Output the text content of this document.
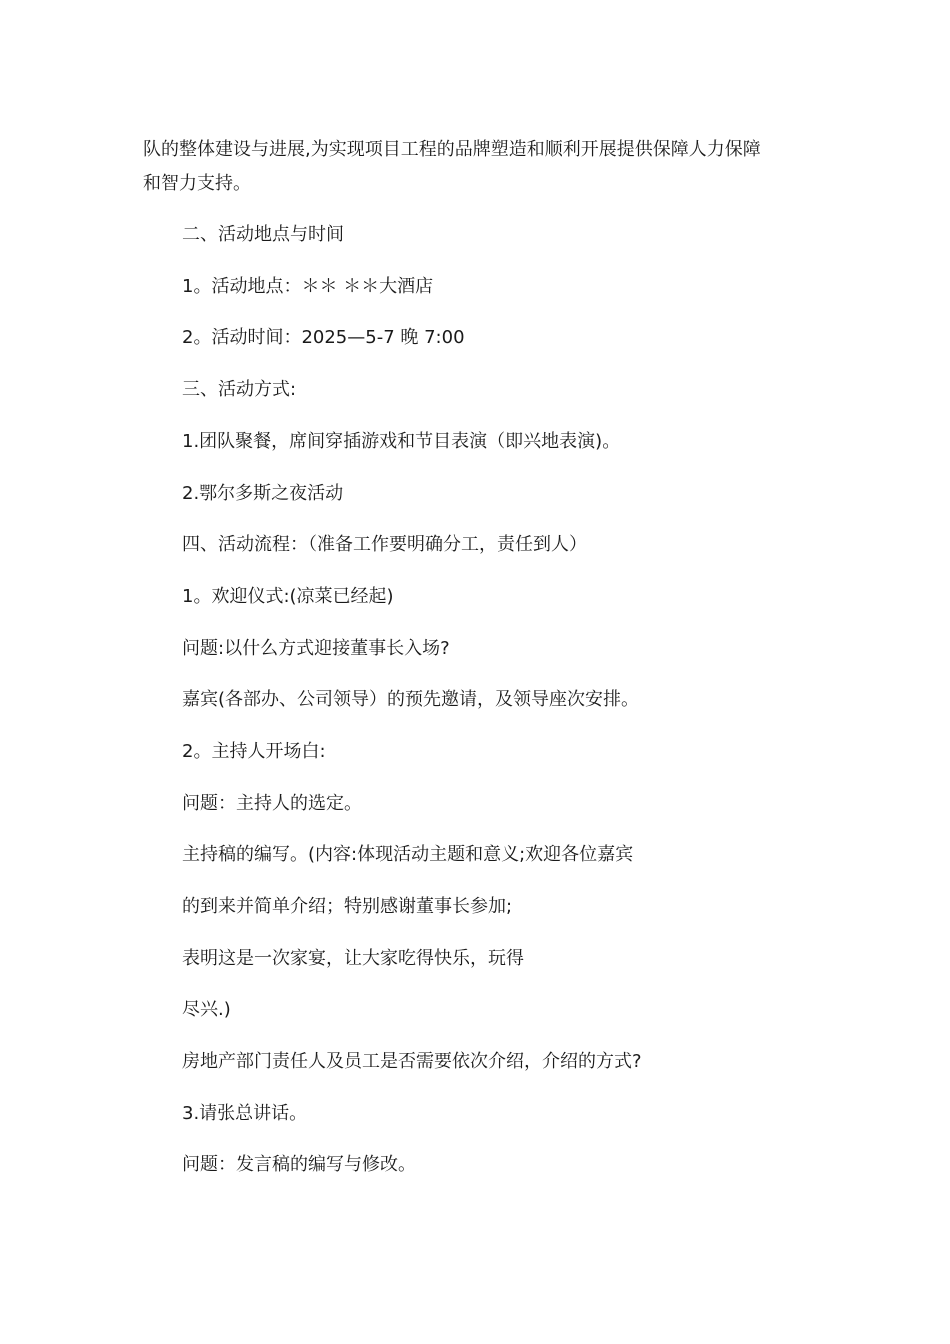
队的整体建设与进展,为实现项目工程的品牌塑造和顺利开展提供保障人力保障
和智力支持。
二、活动地点与时间
1。活动地点：＊＊ ＊＊大酒店
2。活动时间：2025—5-7 晚 7:00
三、活动方式:
1.团队聚餐，席间穿插游戏和节目表演（即兴地表演)。
2.鄂尔多斯之夜活动
四、活动流程：（准备工作要明确分工，责任到人）
1。欢迎仪式:(凉菜已经起)
问题:以什么方式迎接董事长入场?
嘉宾(各部办、公司领导）的预先邀请，及领导座次安排。
2。主持人开场白:
问题：主持人的选定。
主持稿的编写。(内容:体现活动主题和意义;欢迎各位嘉宾
的到来并简单介绍；特别感谢董事长参加;
表明这是一次家宴，让大家吃得快乐，玩得
尽兴.)
房地产部门责任人及员工是否需要依次介绍，介绍的方式?
3.请张总讲话。
问题：发言稿的编写与修改。
